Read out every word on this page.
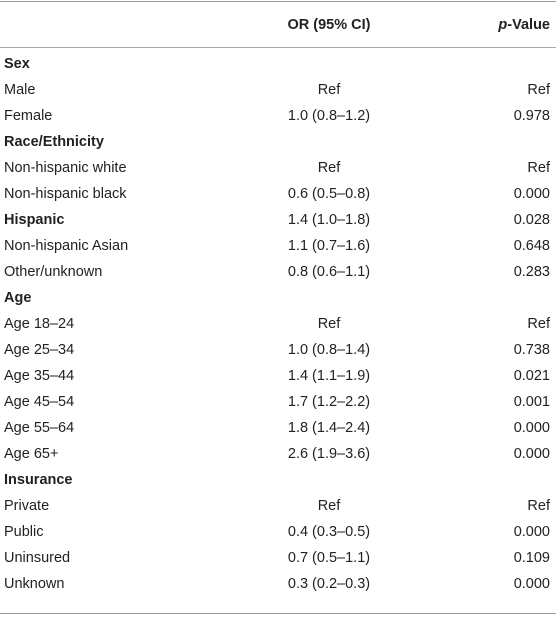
OR (95% CI)	p-Value
Sex
Male	Ref	Ref
Female	1.0 (0.8–1.2)	0.978
Race/Ethnicity
Non-hispanic white	Ref	Ref
Non-hispanic black	0.6 (0.5–0.8)	0.000
Hispanic	1.4 (1.0–1.8)	0.028
Non-hispanic Asian	1.1 (0.7–1.6)	0.648
Other/unknown	0.8 (0.6–1.1)	0.283
Age
Age 18–24	Ref	Ref
Age 25–34	1.0 (0.8–1.4)	0.738
Age 35–44	1.4 (1.1–1.9)	0.021
Age 45–54	1.7 (1.2–2.2)	0.001
Age 55–64	1.8 (1.4–2.4)	0.000
Age 65+	2.6 (1.9–3.6)	0.000
Insurance
Private	Ref	Ref
Public	0.4 (0.3–0.5)	0.000
Uninsured	0.7 (0.5–1.1)	0.109
Unknown	0.3 (0.2–0.3)	0.000
